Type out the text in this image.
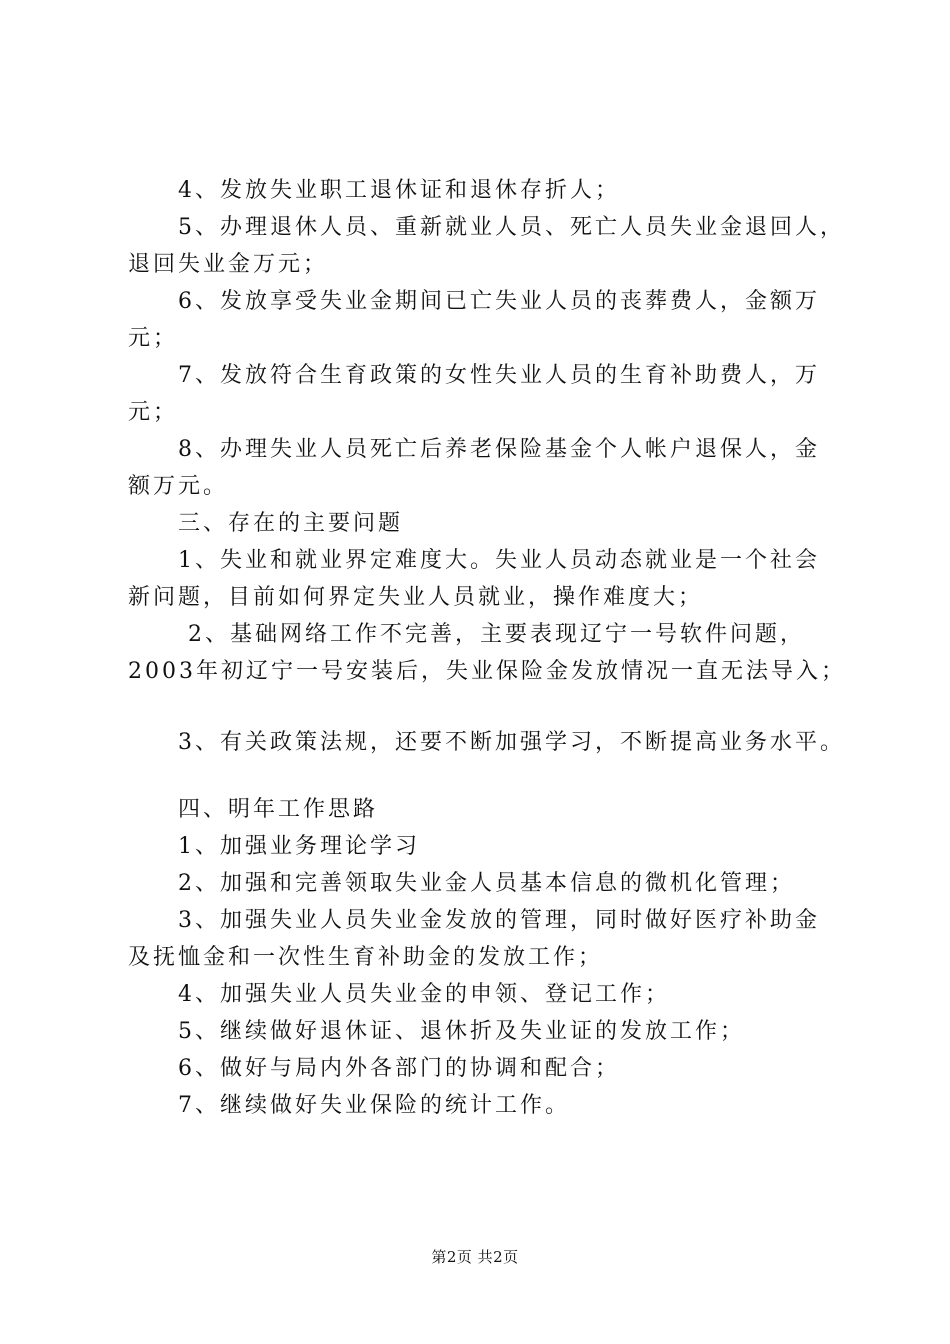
4、发放失业职工退休证和退休存折人；
5、办理退休人员、重新就业人员、死亡人员失业金退回人，
退回失业金万元；
6、发放享受失业金期间已亡失业人员的丧葬费人，金额万
元；
7、发放符合生育政策的女性失业人员的生育补助费人，万
元；
8、办理失业人员死亡后养老保险基金个人帐户退保人，金
额万元。
三、存在的主要问题
1、失业和就业界定难度大。失业人员动态就业是一个社会
新问题，目前如何界定失业人员就业，操作难度大；
2、基础网络工作不完善，主要表现辽宁一号软件问题，
2003年初辽宁一号安装后，失业保险金发放情况一直无法导入；
3、有关政策法规，还要不断加强学习，不断提高业务水平。
四、明年工作思路
1、加强业务理论学习
2、加强和完善领取失业金人员基本信息的微机化管理；
3、加强失业人员失业金发放的管理，同时做好医疗补助金
及抚恤金和一次性生育补助金的发放工作；
4、加强失业人员失业金的申领、登记工作；
5、继续做好退休证、退休折及失业证的发放工作；
6、做好与局内外各部门的协调和配合；
7、继续做好失业保险的统计工作。
第2页 共2页
